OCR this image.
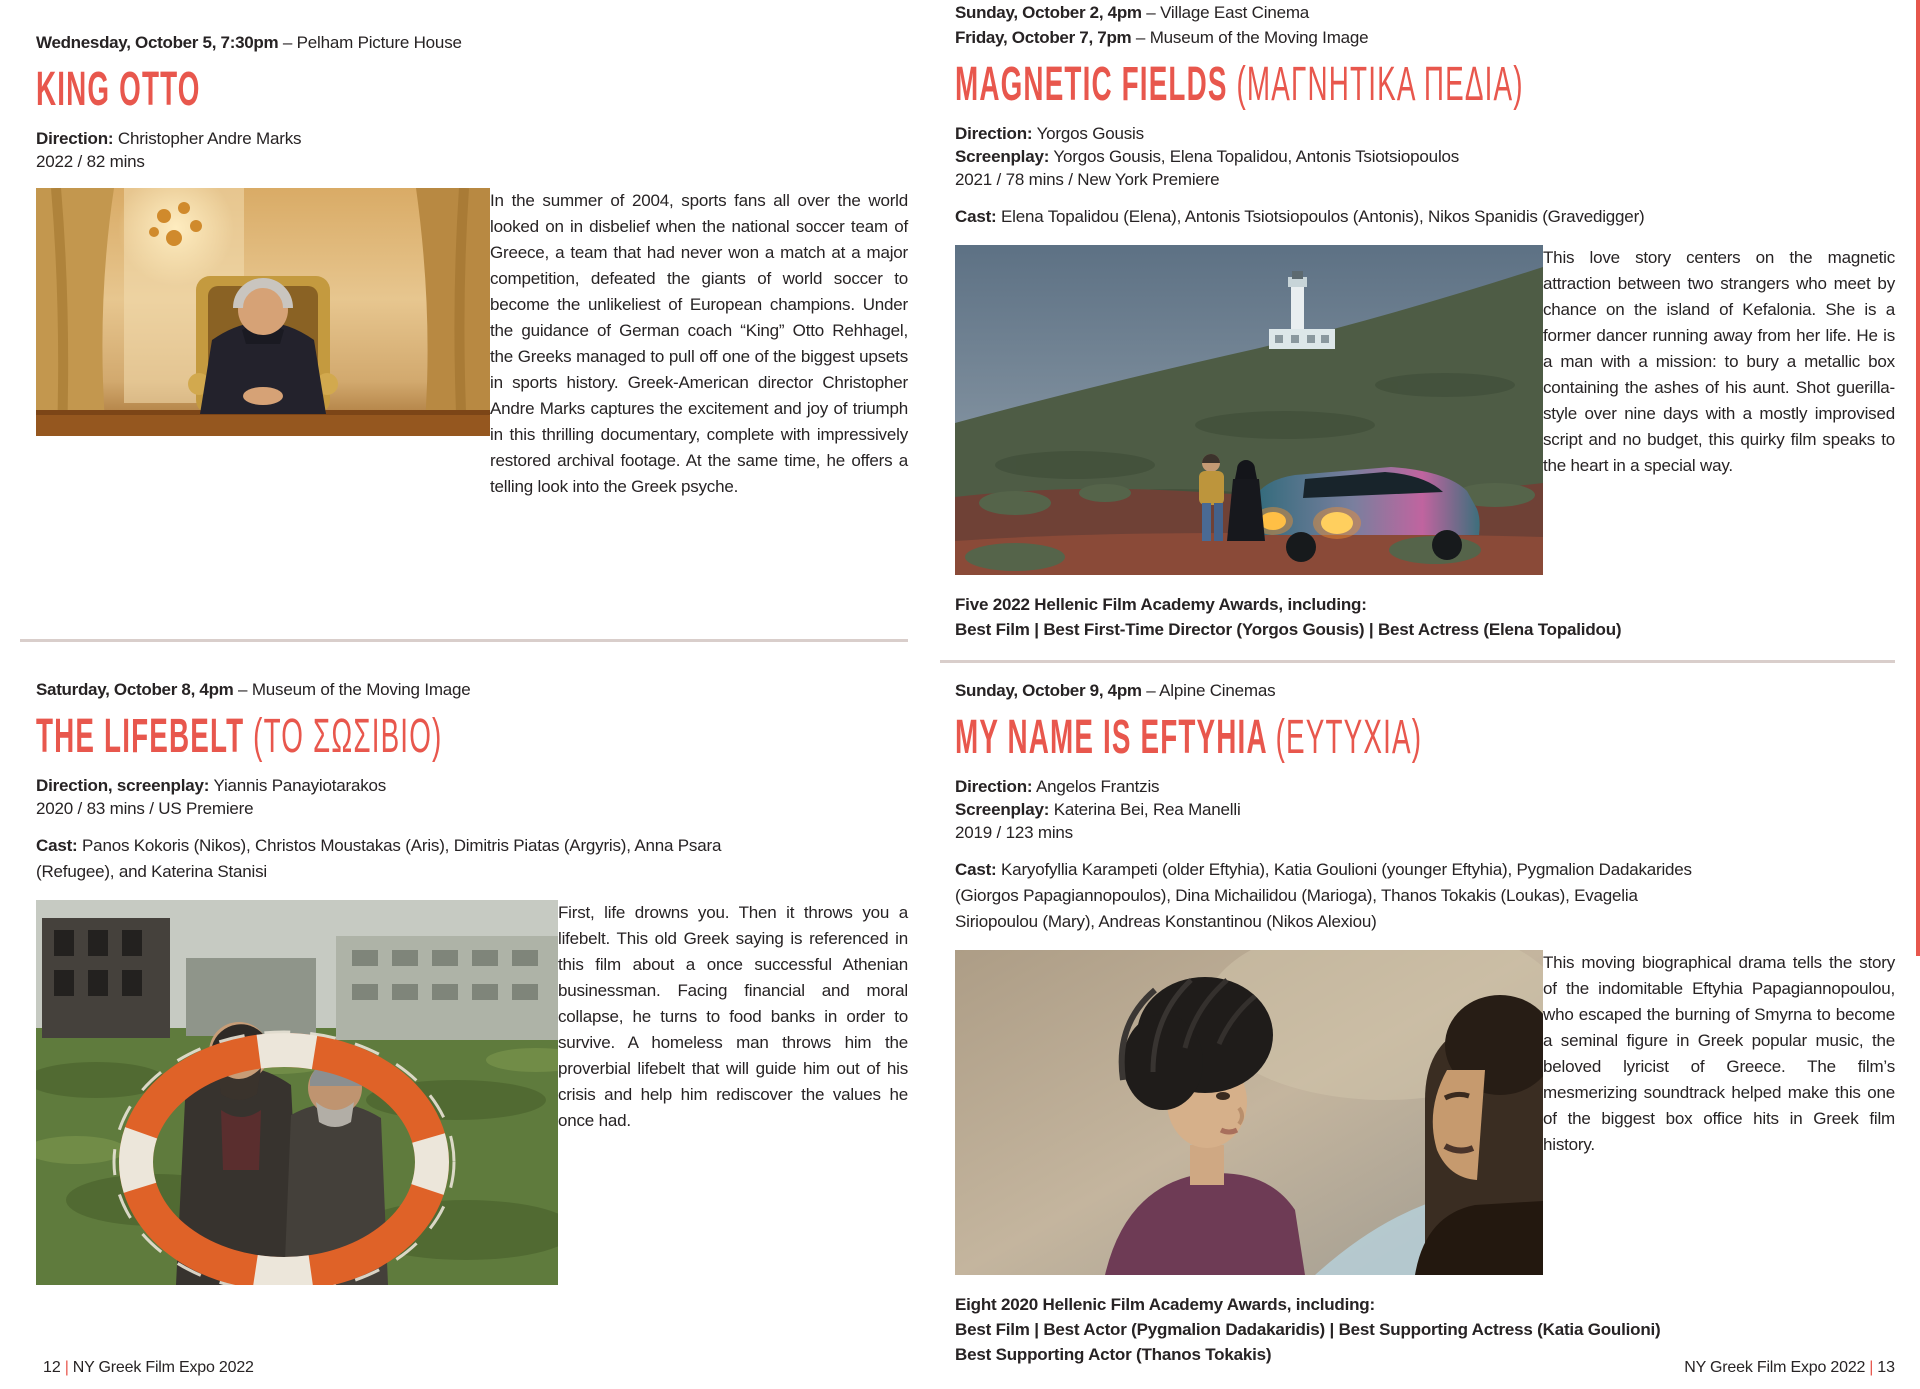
Wednesday, October 5, 7:30pm – Pelham Picture House

KING OTTO

Direction: Christopher Andre Marks

2022 / 82 mins

In the summer of 2004, sports fans all over the world looked on in disbelief when the national soccer team of Greece, a team that had never won a match at a major competition, defeated the giants of world soccer to become the unlikeliest of European champions. Under the guidance of German coach “King” Otto Rehhagel, the Greeks managed to pull off one of the biggest upsets in sports history. Greek-American director Christopher Andre Marks captures the excitement and joy of triumph in this thrilling documentary, complete with impressively restored archival footage. At the same time, he offers a telling look into the Greek psyche.

Saturday, October 8, 4pm – Museum of the Moving Image

THE LIFEBELT (ΤΟ ΣΩΣΙΒΙΟ)

Direction, screenplay: Yiannis Panayiotarakos

2020 / 83 mins / US Premiere

Cast: Panos Kokoris (Nikos), Christos Moustakas (Aris), Dimitris Piatas (Argyris), Anna Psara (Refugee), and Katerina Stanisi

First, life drowns you. Then it throws you a lifebelt. This old Greek saying is referenced in this film about a once successful Athenian businessman. Facing financial and moral collapse, he turns to food banks in order to survive. A homeless man throws him the proverbial lifebelt that will guide him out of his crisis and help him rediscover the values he once had.

Sunday, October 2, 4pm – Village East Cinema

Friday, October 7, 7pm – Museum of the Moving Image

MAGNETIC FIELDS (ΜΑΓΝΗΤΙΚΑ ΠΕΔΙΑ)

Direction: Yorgos Gousis

Screenplay: Yorgos Gousis, Elena Topalidou, Antonis Tsiotsiopoulos

2021 / 78 mins / New York Premiere

Cast: Elena Topalidou (Elena), Antonis Tsiotsiopoulos (Antonis), Nikos Spanidis (Gravedigger)

This love story centers on the magnetic attraction between two strangers who meet by chance on the island of Kefalonia. She is a former dancer running away from her life. He is a man with a mission: to bury a metallic box containing the ashes of his aunt. Shot guerilla-style over nine days with a mostly improvised script and no budget, this quirky film speaks to the heart in a special way.

Five 2022 Hellenic Film Academy Awards, including:

Best Film | Best First-Time Director (Yorgos Gousis) | Best Actress (Elena Topalidou)

Sunday, October 9, 4pm – Alpine Cinemas

MY NAME IS EFTYHIA (ΕΥΤΥΧΙΑ)

Direction: Angelos Frantzis

Screenplay: Katerina Bei, Rea Manelli

2019 / 123 mins

Cast: Karyofyllia Karampeti (older Eftyhia), Katia Goulioni (younger Eftyhia), Pygmalion Dadakarides (Giorgos Papagiannopoulos), Dina Michailidou (Marioga), Thanos Tokakis (Loukas), Evagelia Siriopoulou (Mary), Andreas Konstantinou (Nikos Alexiou)

This moving biographical drama tells the story of the indomitable Eftyhia Papagiannopoulou, who escaped the burning of Smyrna to become a seminal figure in Greek popular music, the beloved lyricist of Greece. The film’s mesmerizing soundtrack helped make this one of the biggest box office hits in Greek film history.

Eight 2020 Hellenic Film Academy Awards, including:

Best Film | Best Actor (Pygmalion Dadakaridis) | Best Supporting Actress (Katia Goulioni)

Best Supporting Actor (Thanos Tokakis)

12 | NY Greek Film Expo 2022	NY Greek Film Expo 2022 | 13
